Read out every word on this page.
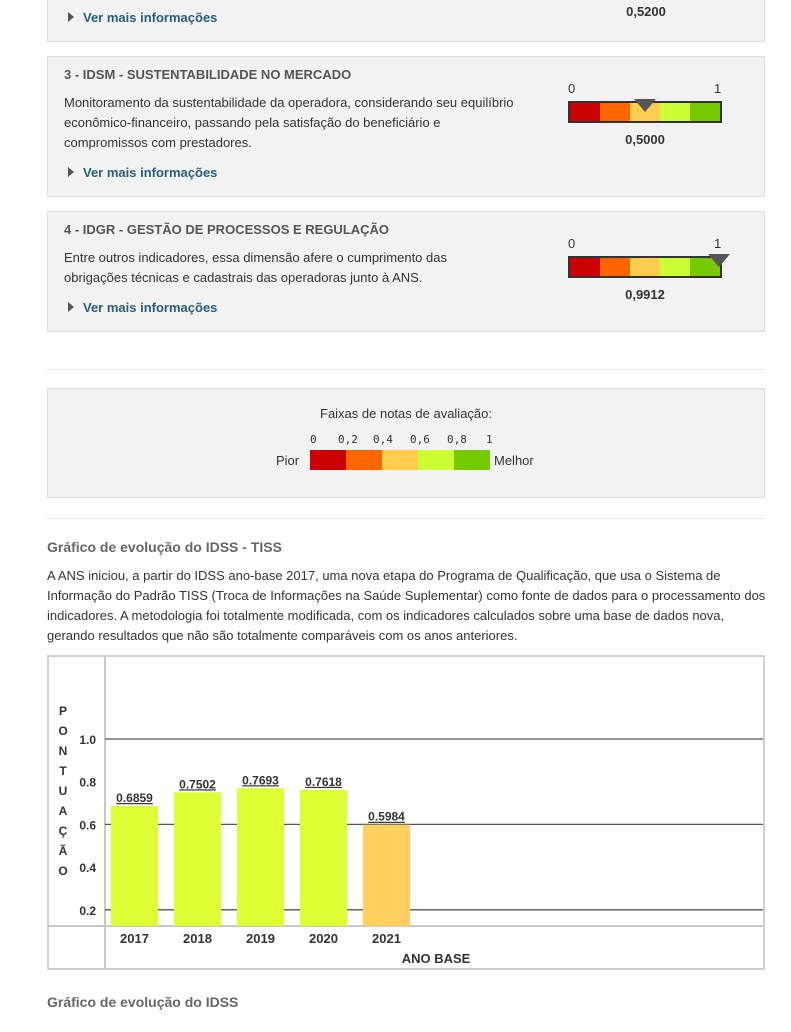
Ver mais informações	0,5200
3 - IDSM - SUSTENTABILIDADE NO MERCADO
Monitoramento da sustentabilidade da operadora, considerando seu equilíbrio econômico-financeiro, passando pela satisfação do beneficiário e compromissos com prestadores.
Ver mais informações
0	1
0,5000
4 - IDGR - GESTÃO DE PROCESSOS E REGULAÇÃO
Entre outros indicadores, essa dimensão afere o cumprimento das obrigações técnicas e cadastrais das operadoras junto à ANS.
Ver mais informações
0	1
0,9912
Faixas de notas de avaliação:
0 0,2 0,4 0,6 0,8 1
Pior	Melhor
Gráfico de evolução do IDSS - TISS
A ANS iniciou, a partir do IDSS ano-base 2017, uma nova etapa do Programa de Qualificação, que usa o Sistema de Informação do Padrão TISS (Troca de Informações na Saúde Suplementar) como fonte de dados para o processamento dos indicadores. A metodologia foi totalmente modificada, com os indicadores calculados sobre uma base de dados nova, gerando resultados que não são totalmente comparáveis com os anos anteriores.
1.0
0.8
0.6
0.4
0.2
P
O
N
T
U
A
Ç
Ã
O
0.6859
2017
0.7502
2018
0.7693
2019
0.7618
2020
0.5984
2021
ANO BASE
Gráfico de evolução do IDSS
